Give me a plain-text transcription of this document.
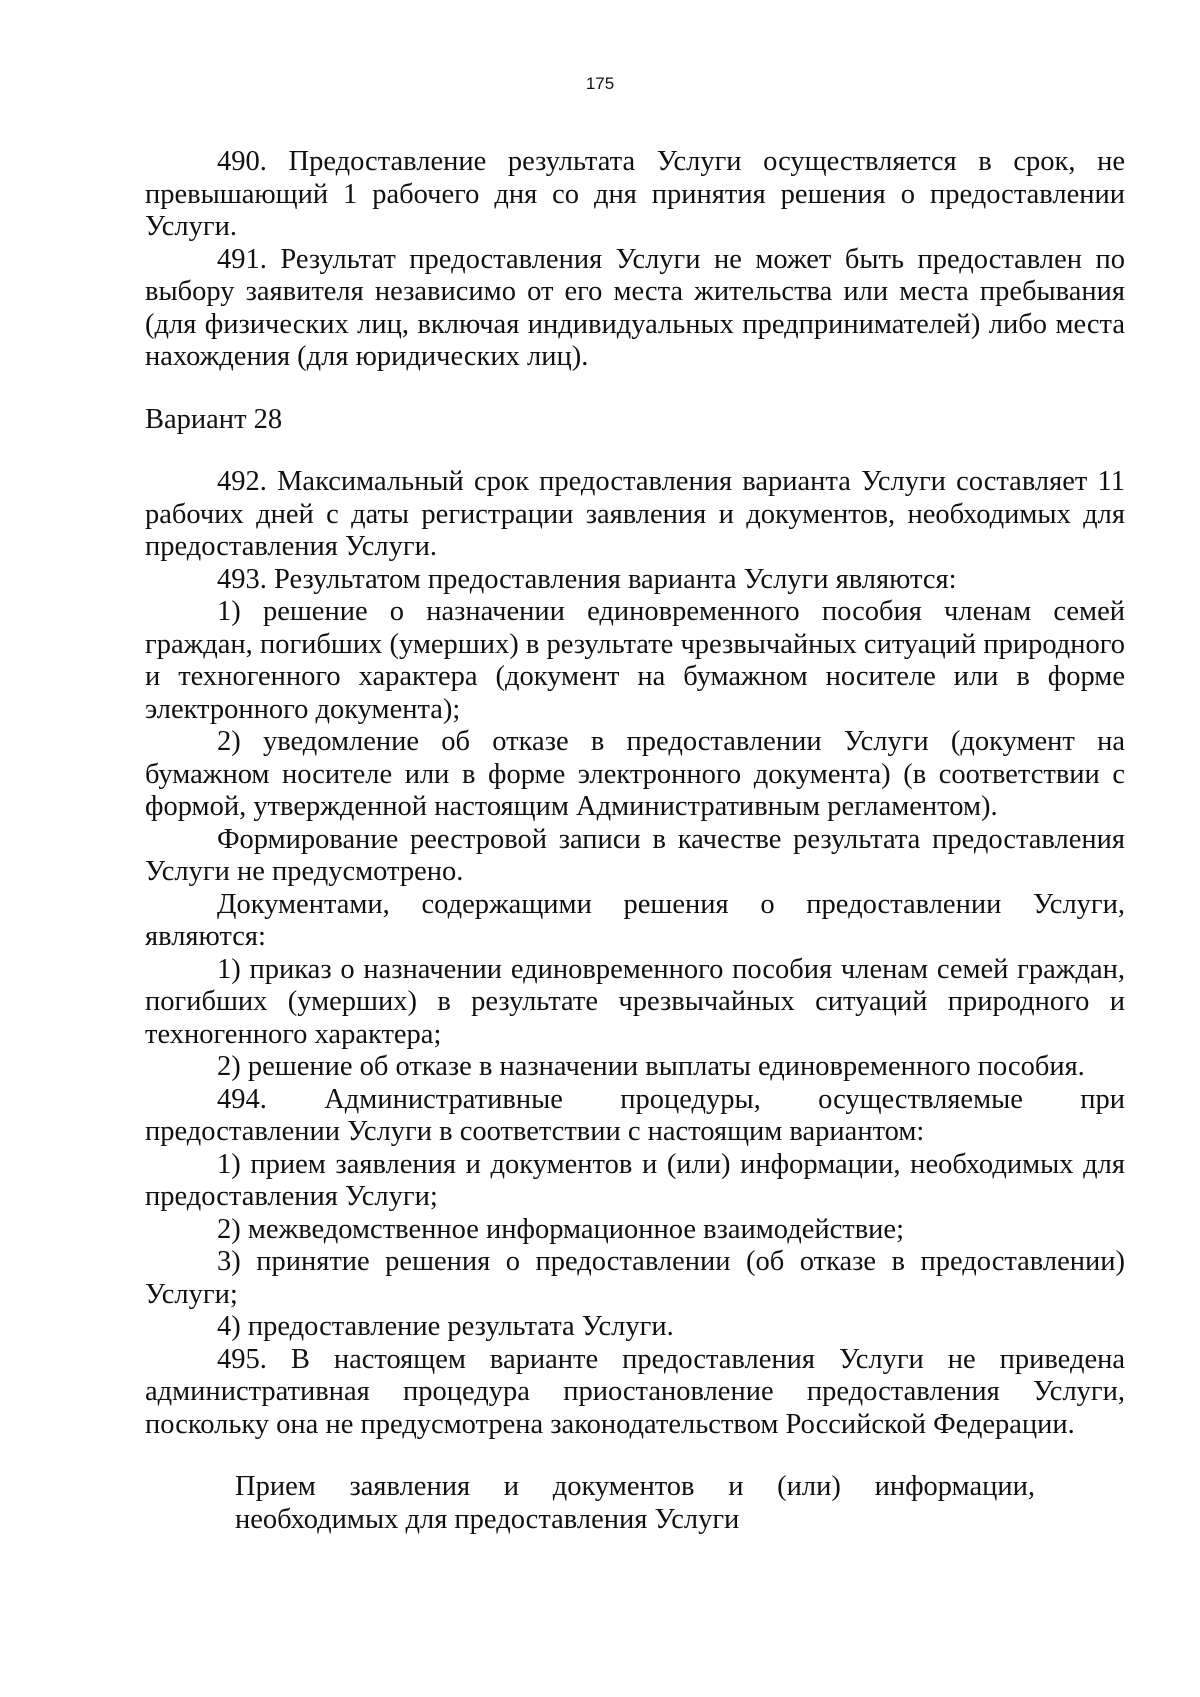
175

490. Предоставление результата Услуги осуществляется в срок, не превышающий 1 рабочего дня со дня принятия решения о предоставлении Услуги.

491. Результат предоставления Услуги не может быть предоставлен по выбору заявителя независимо от его места жительства или места пребывания (для физических лиц, включая индивидуальных предпринимателей) либо места нахождения (для юридических лиц).

Вариант 28

492. Максимальный срок предоставления варианта Услуги составляет 11 рабочих дней с даты регистрации заявления и документов, необходимых для предоставления Услуги.

493. Результатом предоставления варианта Услуги являются:

1) решение о назначении единовременного пособия членам семей граждан, погибших (умерших) в результате чрезвычайных ситуаций природного и техногенного характера (документ на бумажном носителе или в форме электронного документа);

2) уведомление об отказе в предоставлении Услуги (документ на бумажном носителе или в форме электронного документа) (в соответствии с формой, утвержденной настоящим Административным регламентом).

Формирование реестровой записи в качестве результата предоставления Услуги не предусмотрено.

Документами, содержащими решения о предоставлении Услуги, являются:

1) приказ о назначении единовременного пособия членам семей граждан, погибших (умерших) в результате чрезвычайных ситуаций природного и техногенного характера;

2) решение об отказе в назначении выплаты единовременного пособия.

494. Административные процедуры, осуществляемые при предоставлении Услуги в соответствии с настоящим вариантом:

1) прием заявления и документов и (или) информации, необходимых для предоставления Услуги;

2) межведомственное информационное взаимодействие;

3) принятие решения о предоставлении (об отказе в предоставлении) Услуги;

4) предоставление результата Услуги.

495. В настоящем варианте предоставления Услуги не приведена административная процедура приостановление предоставления Услуги, поскольку она не предусмотрена законодательством Российской Федерации.

Прием заявления и документов и (или) информации, необходимых для предоставления Услуги
